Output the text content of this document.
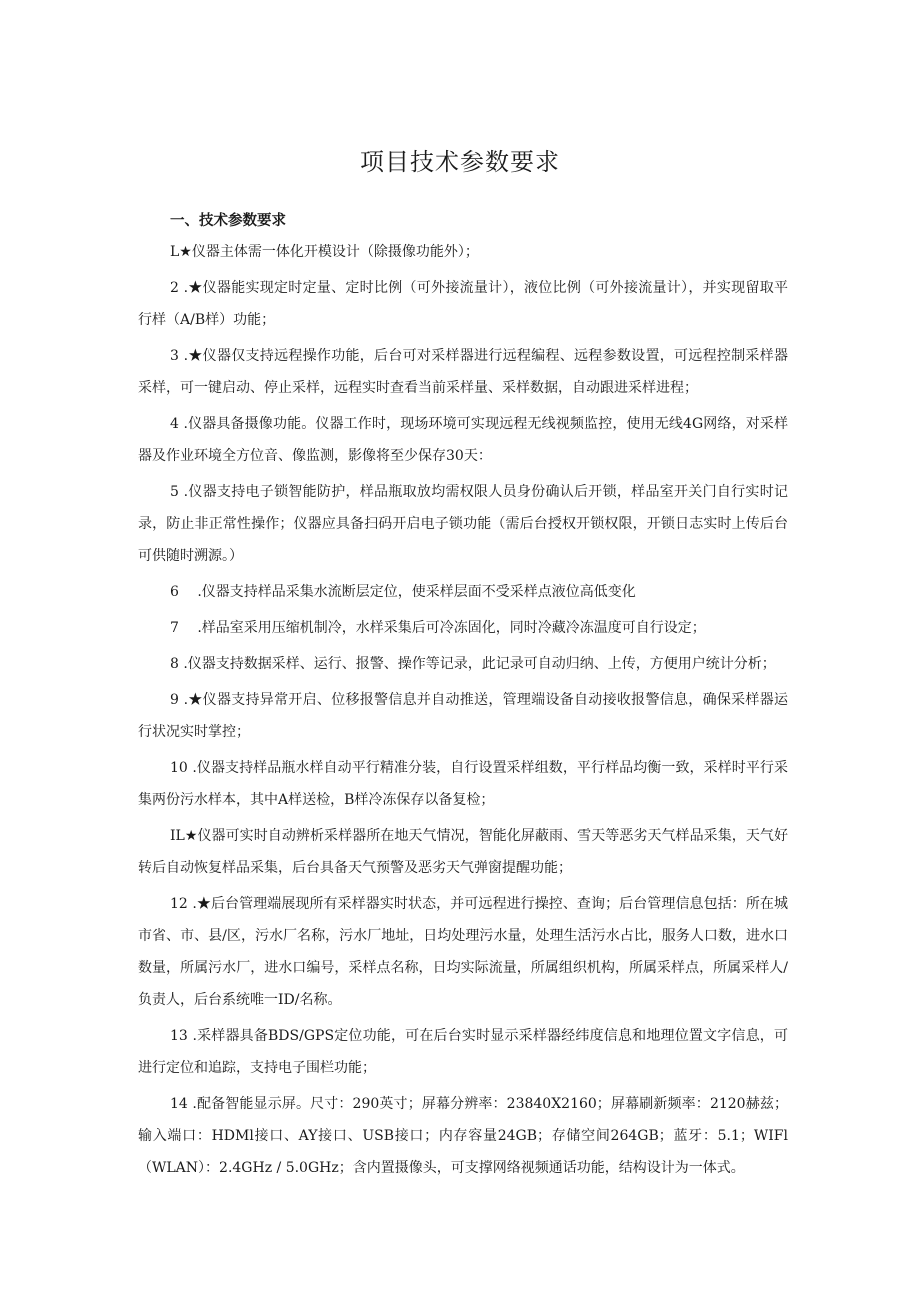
项目技术参数要求
一、技术参数要求

L★仪器主体需一体化开模设计（除摄像功能外）；

2 .★仪器能实现定时定量、定时比例（可外接流量计），液位比例（可外接流量计），并实现留取平行样（A/B样）功能；

3 .★仪器仅支持远程操作功能，后台可对采样器进行远程编程、远程参数设置，可远程控制采样器采样，可一键启动、停止采样，远程实时查看当前采样量、采样数据，自动跟进采样进程；

4 .仪器具备摄像功能。仪器工作时，现场环境可实现远程无线视频监控，使用无线4G网络，对采样器及作业环境全方位音、像监测，影像将至少保存30天：

5 .仪器支持电子锁智能防护，样品瓶取放均需权限人员身份确认后开锁，样品室开关门自行实时记录，防止非正常性操作；仪器应具备扫码开启电子锁功能（需后台授权开锁权限，开锁日志实时上传后台可供随时溯源。）

6　 .仪器支持样品采集水流断层定位，使采样层面不受采样点液位高低变化

7　 .样品室采用压缩机制冷，水样采集后可冷冻固化，同时冷藏冷冻温度可自行设定；

8 .仪器支持数据采样、运行、报警、操作等记录，此记录可自动归纳、上传，方便用户统计分析；

9 .★仪器支持异常开启、位移报警信息并自动推送，管理端设备自动接收报警信息，确保采样器运行状况实时掌控；

10 .仪器支持样品瓶水样自动平行精准分装，自行设置采样组数，平行样品均衡一致，采样时平行采集两份污水样本，其中A样送检，B样冷冻保存以备复检；

IL★仪器可实时自动辨析采样器所在地天气情况，智能化屏蔽雨、雪天等恶劣天气样品采集，天气好转后自动恢复样品采集，后台具备天气预警及恶劣天气弹窗提醒功能；

12 .★后台管理端展现所有采样器实时状态，并可远程进行操控、查询；后台管理信息包括：所在城市省、市、县/区，污水厂名称，污水厂地址，日均处理污水量，处理生活污水占比，服务人口数，进水口数量，所属污水厂，进水口编号，采样点名称，日均实际流量，所属组织机构，所属采样点，所属采样人/负责人，后台系统唯一ID/名称。

13 .采样器具备BDS/GPS定位功能，可在后台实时显示采样器经纬度信息和地理位置文字信息，可进行定位和追踪，支持电子围栏功能；

14 .配备智能显示屏。尺寸：290英寸；屏幕分辨率：23840X2160；屏幕刷新频率：2120赫兹；输入端口：HDMl接口、AY接口、USB接口；内存容量24GB；存储空间264GB；蓝牙：5.1；WIFl（WLAN）：2.4GHz / 5.0GHz；含内置摄像头，可支撑网络视频通话功能，结构设计为一体式。
